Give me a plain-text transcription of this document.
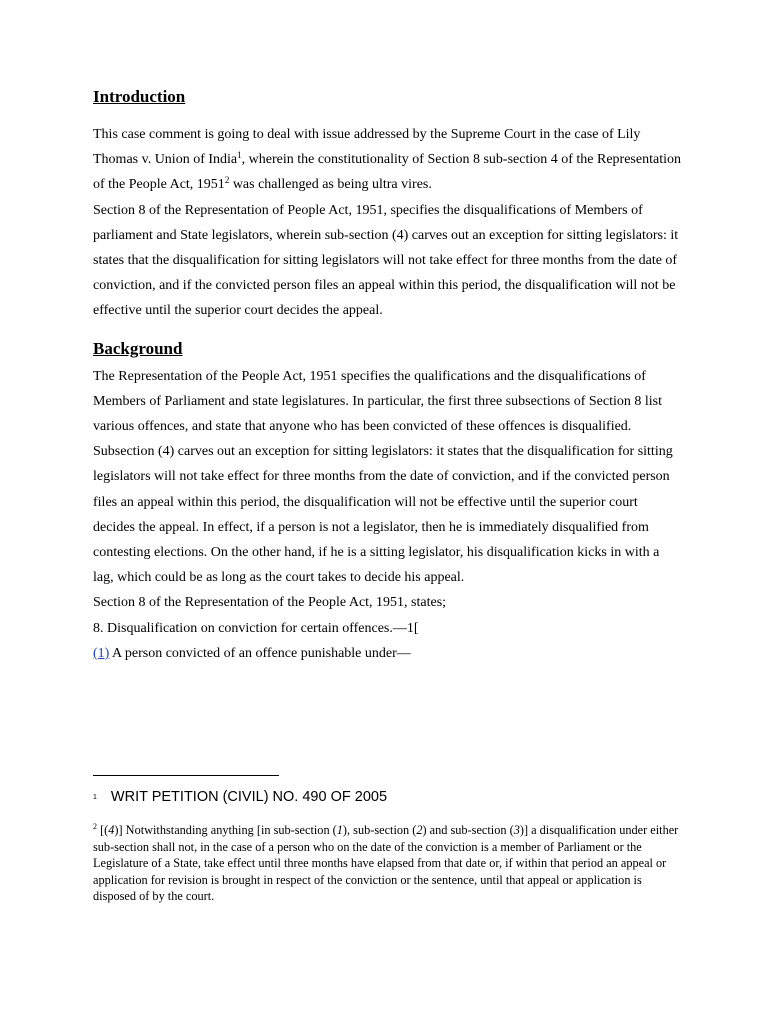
Introduction

This case comment is going to deal with issue addressed by the Supreme Court in the case of Lily Thomas v. Union of India$^1$, wherein the constitutionality of Section 8 sub-section 4 of the Representation of the People Act, 1951$^2$ was challenged as being ultra vires.

Section 8 of the Representation of People Act, 1951, specifies the disqualifications of Members of parliament and State legislators, wherein sub-section (4) carves out an exception for sitting legislators: it states that the disqualification for sitting legislators will not take effect for three months from the date of conviction, and if the convicted person files an appeal within this period, the disqualification will not be effective until the superior court decides the appeal.

Background

The Representation of the People Act, 1951 specifies the qualifications and the disqualifications of Members of Parliament and state legislatures. In particular, the first three subsections of Section 8 list various offences, and state that anyone who has been convicted of these offences is disqualified. Subsection (4) carves out an exception for sitting legislators: it states that the disqualification for sitting legislators will not take effect for three months from the date of conviction, and if the convicted person files an appeal within this period, the disqualification will not be effective until the superior court decides the appeal. In effect, if a person is not a legislator, then he is immediately disqualified from contesting elections. On the other hand, if he is a sitting legislator, his disqualification kicks in with a lag, which could be as long as the court takes to decide his appeal.

Section 8 of the Representation of the People Act, 1951, states;

8. Disqualification on conviction for certain offences.—1[

(1) A person convicted of an offence punishable under—

1 WRIT PETITION (CIVIL) NO. 490 OF 2005
$^2$ [(4)] Notwithstanding anything [in sub-section (1), sub-section (2) and sub-section (3)] a disqualification under either sub-section shall not, in the case of a person who on the date of the conviction is a member of Parliament or the Legislature of a State, take effect until three months have elapsed from that date or, if within that period an appeal or application for revision is brought in respect of the conviction or the sentence, until that appeal or application is disposed of by the court.
